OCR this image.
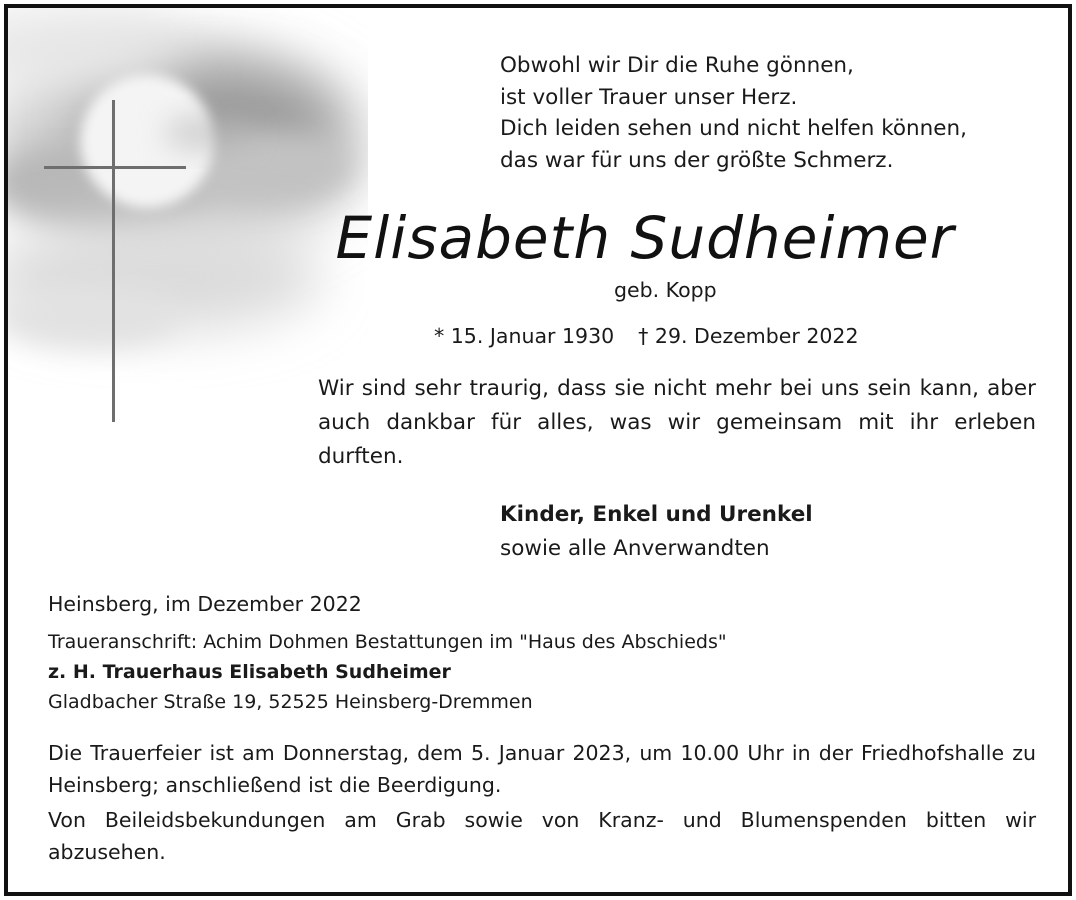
Obwohl wir Dir die Ruhe gönnen,
ist voller Trauer unser Herz.
Dich leiden sehen und nicht helfen können,
das war für uns der größte Schmerz.
Elisabeth Sudheimer
geb. Kopp
* 15. Januar 1930 † 29. Dezember 2022
Wir sind sehr traurig, dass sie nicht mehr bei uns sein kann, aber auch dankbar für alles, was wir gemeinsam mit ihr erleben durften.
Kinder, Enkel und Urenkel
sowie alle Anverwandten
Heinsberg, im Dezember 2022
Traueranschrift: Achim Dohmen Bestattungen im "Haus des Abschieds"
z. H. Trauerhaus Elisabeth Sudheimer
Gladbacher Straße 19, 52525 Heinsberg-Dremmen

Die Trauerfeier ist am Donnerstag, dem 5. Januar 2023, um 10.00 Uhr in der Friedhofshalle zu Heinsberg; anschließend ist die Beerdigung.

Von Beileidsbekundungen am Grab sowie von Kranz- und Blumenspenden bitten wir abzusehen.
